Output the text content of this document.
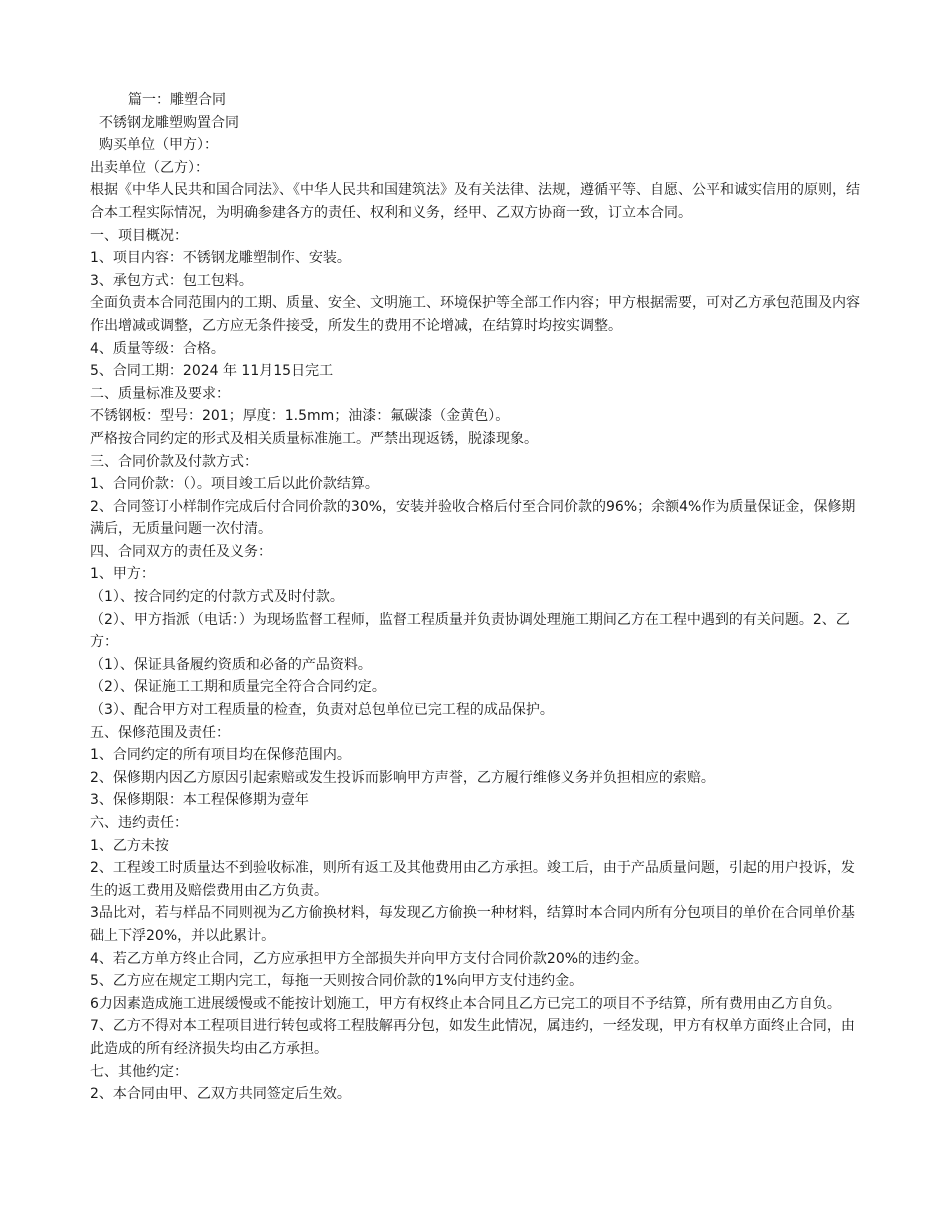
篇一：雕塑合同
不锈钢龙雕塑购置合同
购买单位（甲方）：
出卖单位（乙方）：
根据《中华人民共和国合同法》、《中华人民共和国建筑法》及有关法律、法规，遵循平等、自愿、公平和诚实信用的原则，结合本工程实际情况，为明确参建各方的责任、权利和义务，经甲、乙双方协商一致，订立本合同。
一、项目概况：
1、项目内容：不锈钢龙雕塑制作、安装。
3、承包方式：包工包料。
全面负责本合同范围内的工期、质量、安全、文明施工、环境保护等全部工作内容；甲方根据需要，可对乙方承包范围及内容作出增减或调整，乙方应无条件接受，所发生的费用不论增减，在结算时均按实调整。
4、质量等级：合格。
5、合同工期：2024 年 11月15日完工
二、质量标准及要求：
不锈钢板：型号：201；厚度：1.5mm；油漆：氟碳漆（金黄色）。
严格按合同约定的形式及相关质量标准施工。严禁出现返锈，脱漆现象。
三、合同价款及付款方式：
1、合同价款：（）。项目竣工后以此价款结算。
2、合同签订小样制作完成后付合同价款的30%，安装并验收合格后付至合同价款的96%；余额4%作为质量保证金，保修期满后，无质量问题一次付清。
四、合同双方的责任及义务：
1、甲方：
（1）、按合同约定的付款方式及时付款。
（2）、甲方指派（电话：）为现场监督工程师，监督工程质量并负责协调处理施工期间乙方在工程中遇到的有关问题。2、乙方：
（1）、保证具备履约资质和必备的产品资料。
（2）、保证施工工期和质量完全符合合同约定。
（3）、配合甲方对工程质量的检查，负责对总包单位已完工程的成品保护。
五、保修范围及责任：
1、合同约定的所有项目均在保修范围内。
2、保修期内因乙方原因引起索赔或发生投诉而影响甲方声誉，乙方履行维修义务并负担相应的索赔。
3、保修期限：本工程保修期为壹年
六、违约责任：
1、乙方未按
2、工程竣工时质量达不到验收标准，则所有返工及其他费用由乙方承担。竣工后，由于产品质量问题，引起的用户投诉，发生的返工费用及赔偿费用由乙方负责。
3品比对，若与样品不同则视为乙方偷换材料，每发现乙方偷换一种材料，结算时本合同内所有分包项目的单价在合同单价基础上下浮20%，并以此累计。
4、若乙方单方终止合同，乙方应承担甲方全部损失并向甲方支付合同价款20%的违约金。
5、乙方应在规定工期内完工，每拖一天则按合同价款的1%向甲方支付违约金。
6力因素造成施工进展缓慢或不能按计划施工，甲方有权终止本合同且乙方已完工的项目不予结算，所有费用由乙方自负。
7、乙方不得对本工程项目进行转包或将工程肢解再分包，如发生此情况，属违约，一经发现，甲方有权单方面终止合同，由此造成的所有经济损失均由乙方承担。
七、其他约定：
2、本合同由甲、乙双方共同签定后生效。
